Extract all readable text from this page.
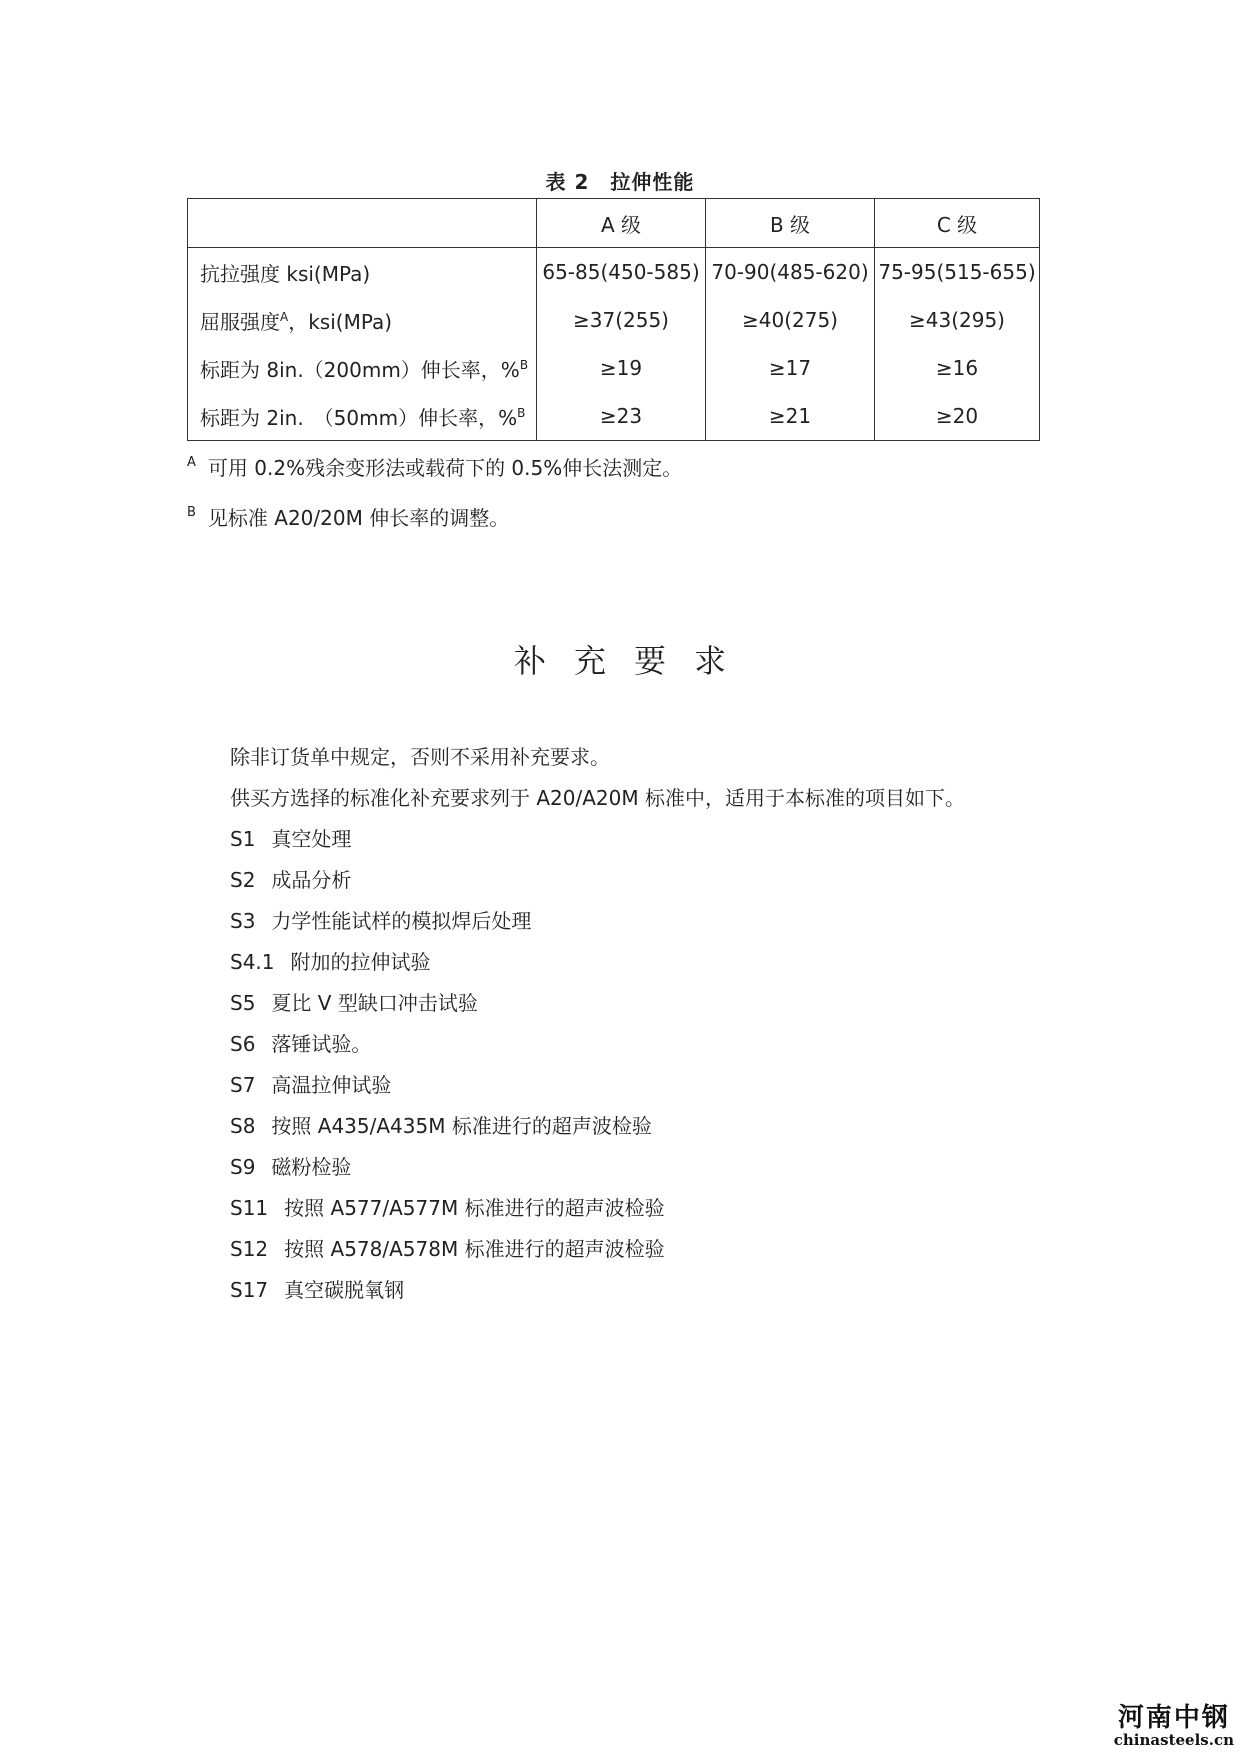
表 2　拉伸性能
	A 级	B 级	C 级
抗拉强度 ksi(MPa)	65-85(450-585)	70-90(485-620)	75-95(515-655)
屈服强度$^A$，ksi(MPa)	≥37(255)	≥40(275)	≥43(295)
标距为 8in.（200mm）伸长率，%$^B$	≥19	≥17	≥16
标距为 2in.　（50mm）伸长率，%$^B$	≥23	≥21	≥20
$^A$ 可用 0.2%残余变形法或载荷下的 0.5%伸长法测定。
$^B$ 见标准 A20/20M 伸长率的调整。
补充要求
除非订货单中规定，否则不采用补充要求。
供买方选择的标准化补充要求列于 A20/A20M 标准中，适用于本标准的项目如下。
S1 真空处理
S2 成品分析
S3 力学性能试样的模拟焊后处理
S4.1 附加的拉伸试验
S5 夏比 V 型缺口冲击试验
S6 落锤试验。
S7 高温拉伸试验
S8 按照 A435/A435M 标准进行的超声波检验
S9 磁粉检验
S11 按照 A577/A577M 标准进行的超声波检验
S12 按照 A578/A578M 标准进行的超声波检验
S17 真空碳脱氧钢
河南中钢
chinasteels.cn
